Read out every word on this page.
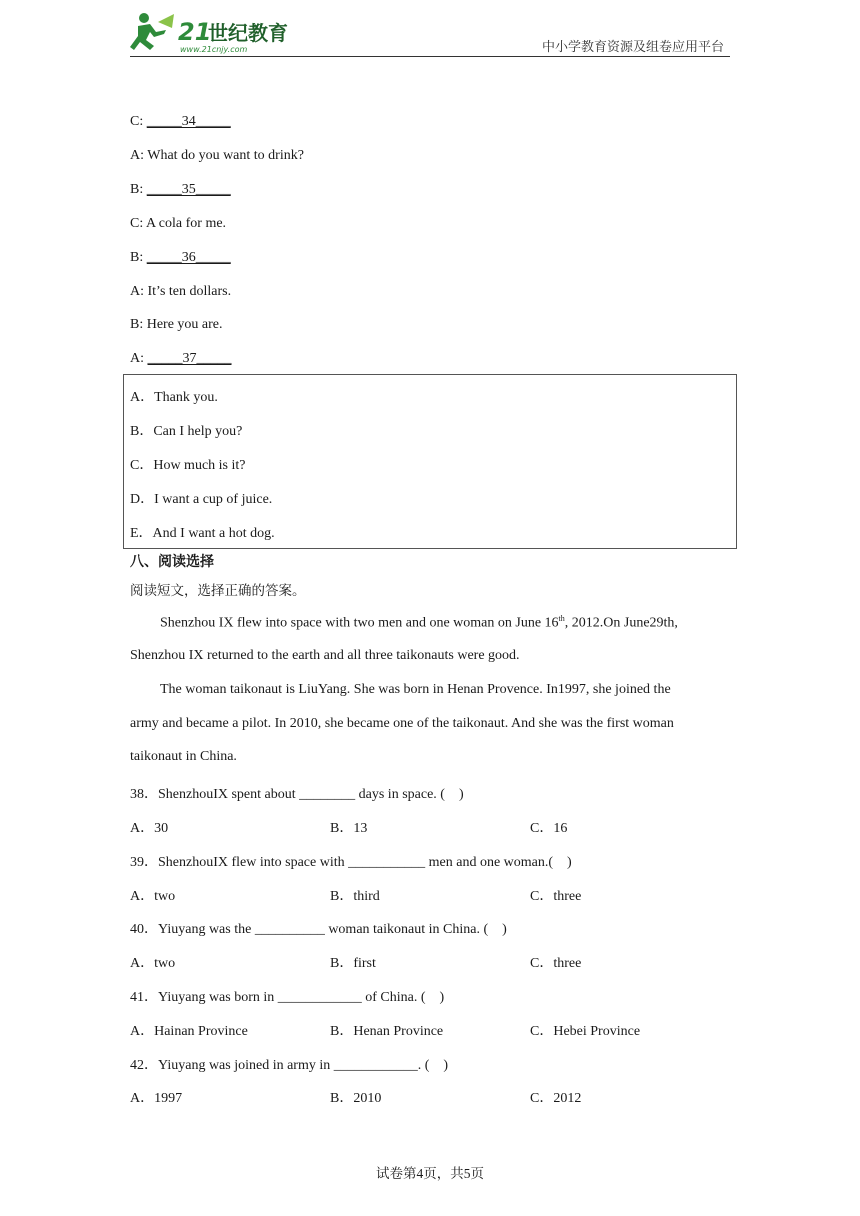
21
世纪教育
www.21cnjy.com	中小学教育资源及组卷应用平台
C: _____34_____
A: What do you want to drink?
B: _____35_____
C: A cola for me.
B: _____36_____
A: It’s ten dollars.
B: Here you are.
A: _____37_____
A．Thank you.
B．Can I help you?
C．How much is it?
D．I want a cup of juice.
E．And I want a hot dog.
八、阅读选择
阅读短文，选择正确的答案。
Shenzhou IX flew into space with two men and one woman on June 16th, 2012.On June29th,
Shenzhou IX returned to the earth and all three taikonauts were good.
The woman taikonaut is LiuYang. She was born in Henan Provence. In1997, she joined the
army and became a pilot. In 2010, she became one of the taikonaut. And she was the first woman
taikonaut in China.
38．ShenzhouIX spent about ________ days in space. (　)
A．30	B．13	C．16
39．ShenzhouIX flew into space with ___________ men and one woman.(　)
A．two	B．third	C．three
40．Yiuyang was the __________ woman taikonaut in China. (　)
A．two	B．first	C．three
41．Yiuyang was born in ____________ of China. (　)
A．Hainan Province	B．Henan Province	C．Hebei Province
42．Yiuyang was joined in army in ____________. (　)
A．1997	B．2010	C．2012
试卷第4页，共5页
